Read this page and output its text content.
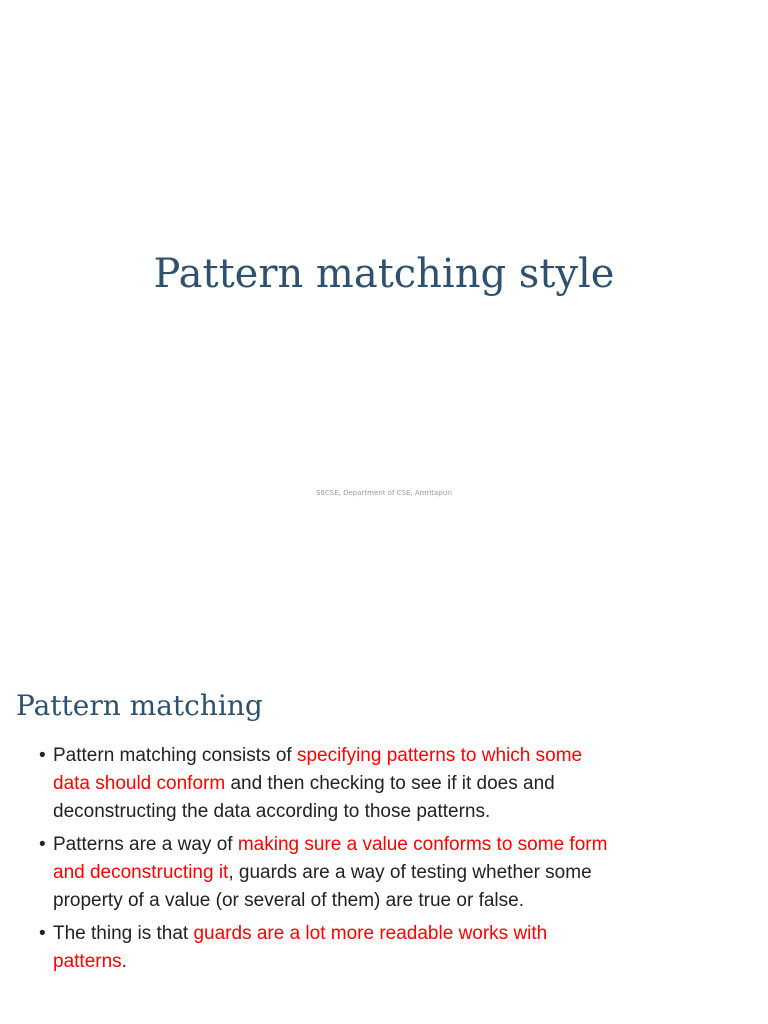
Pattern matching style
S6CSE, Department of CSE, Amritapuri
Pattern matching
• Pattern matching consists of specifying patterns to which some
data should conform and then checking to see if it does and
deconstructing the data according to those patterns.
• Patterns are a way of making sure a value conforms to some form
and deconstructing it, guards are a way of testing whether some
property of a value (or several of them) are true or false.
• The thing is that guards are a lot more readable works with
patterns.
